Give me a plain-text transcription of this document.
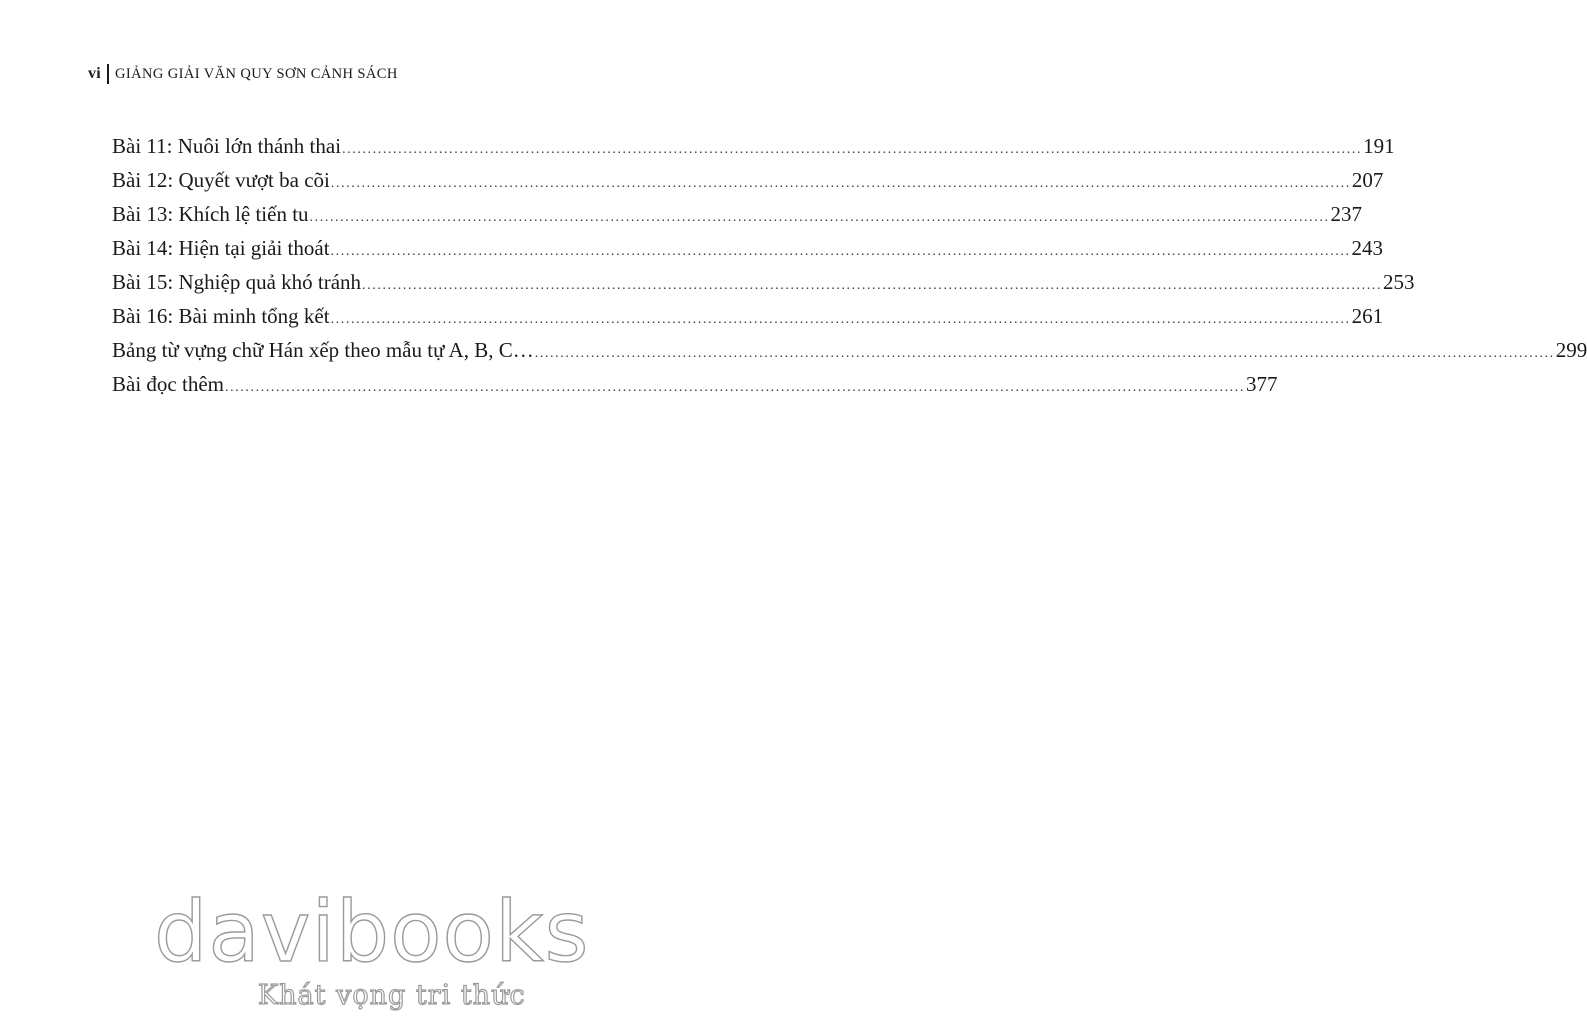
vi GIẢNG GIẢI VĂN QUY SƠN CẢNH SÁCH
Bài 11: Nuôi lớn thánh thai ........................................................................................................................................................................................................ 191
Bài 12: Quyết vượt ba cõi ........................................................................................................................................................................................................ 207
Bài 13: Khích lệ tiến tu ........................................................................................................................................................................................................ 237
Bài 14: Hiện tại giải thoát ........................................................................................................................................................................................................ 243
Bài 15: Nghiệp quả khó tránh ........................................................................................................................................................................................................ 253
Bài 16: Bài minh tổng kết ........................................................................................................................................................................................................ 261
Bảng từ vựng chữ Hán xếp theo mẫu tự A, B, C… ........................................................................................................................................................................................................ 299
Bài đọc thêm ........................................................................................................................................................................................................ 377
davibooks
Khát vọng tri thức
